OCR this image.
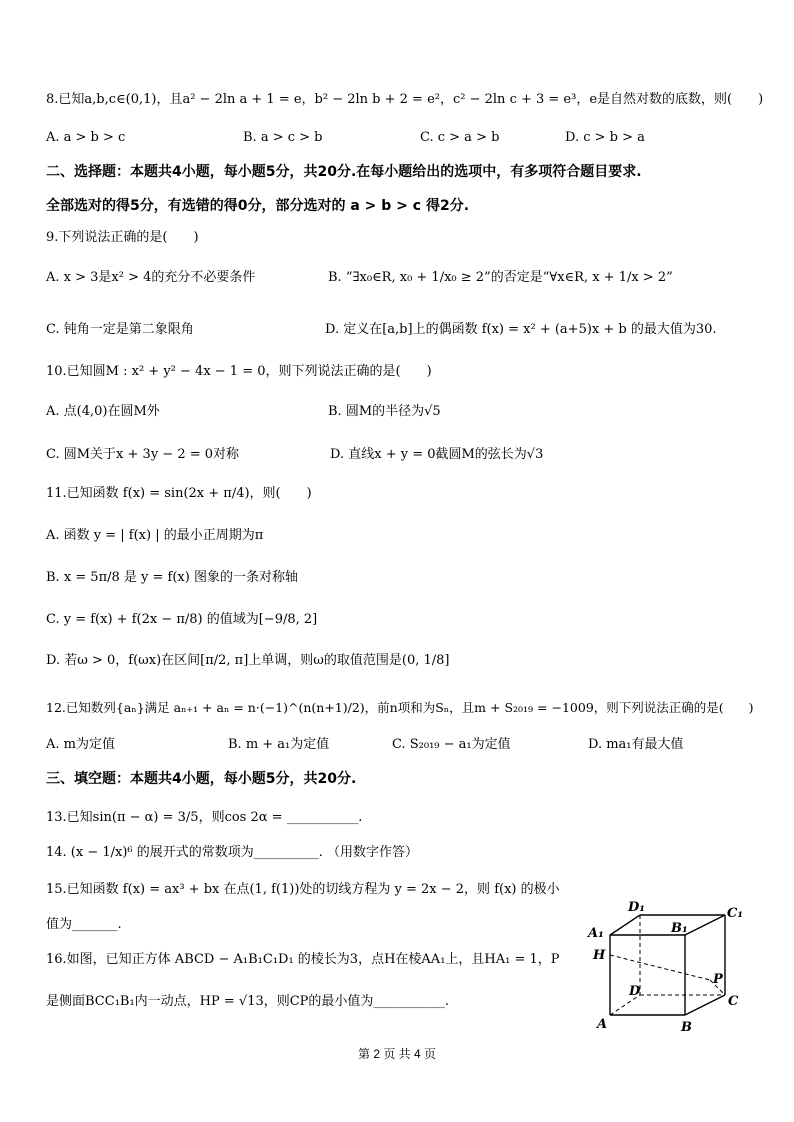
8.已知a,b,c∈(0,1)，且a² − 2ln a + 1 = e，b² − 2ln b + 2 = e²，c² − 2ln c + 3 = e³，e是自然对数的底数，则(　　)
A. a > b > c	B. a > c > b	C. c > a > b	D. c > b > a
二、选择题：本题共4小题，每小题5分，共20分.在每小题给出的选项中，有多项符合题目要求.
全部选对的得5分，有选错的得0分，部分选对的 a > b > c 得2分.
9.下列说法正确的是(　　)
A. x > 3是x² > 4的充分不必要条件	B. “∃x₀∈R, x₀ + 1/x₀ ≥ 2”的否定是“∀x∈R, x + 1/x > 2”
C. 钝角一定是第二象限角	D. 定义在[a,b]上的偶函数 f(x) = x² + (a+5)x + b 的最大值为30.
10.已知圆M : x² + y² − 4x − 1 = 0，则下列说法正确的是(　　)
A. 点(4,0)在圆M外	B. 圆M的半径为√5
C. 圆M关于x + 3y − 2 = 0对称	D. 直线x + y = 0截圆M的弦长为√3
11.已知函数 f(x) = sin(2x + π/4)，则(　　)
A. 函数 y = | f(x) | 的最小正周期为π
B. x = 5π/8 是 y = f(x) 图象的一条对称轴
C. y = f(x) + f(2x − π/8) 的值域为[−9/8, 2]
D. 若ω > 0，f(ωx)在区间[π/2, π]上单调，则ω的取值范围是(0, 1/8]
12.已知数列{aₙ}满足 aₙ₊₁ + aₙ = n·(−1)^(n(n+1)/2)，前n项和为Sₙ，且m + S₂₀₁₉ = −1009，则下列说法正确的是(　　)
A. m为定值	B. m + a₁为定值	C. S₂₀₁₉ − a₁为定值	D. ma₁有最大值
三、填空题：本题共4小题，每小题5分，共20分.
13.已知sin(π − α) = 3/5，则cos 2α = ___________.
14. (x − 1/x)⁶ 的展开式的常数项为__________. （用数字作答）
15.已知函数 f(x) = ax³ + bx 在点(1, f(1))处的切线方程为 y = 2x − 2，则 f(x) 的极小
值为_______.
16.如图，已知正方体 ABCD − A₁B₁C₁D₁ 的棱长为3，点H在棱AA₁上，且HA₁ = 1，P
是侧面BCC₁B₁内一动点，HP = √13，则CP的最小值为___________.
D₁	C₁
A₁	B₁
H
P
D
C
A	B
第 2 页 共 4 页
